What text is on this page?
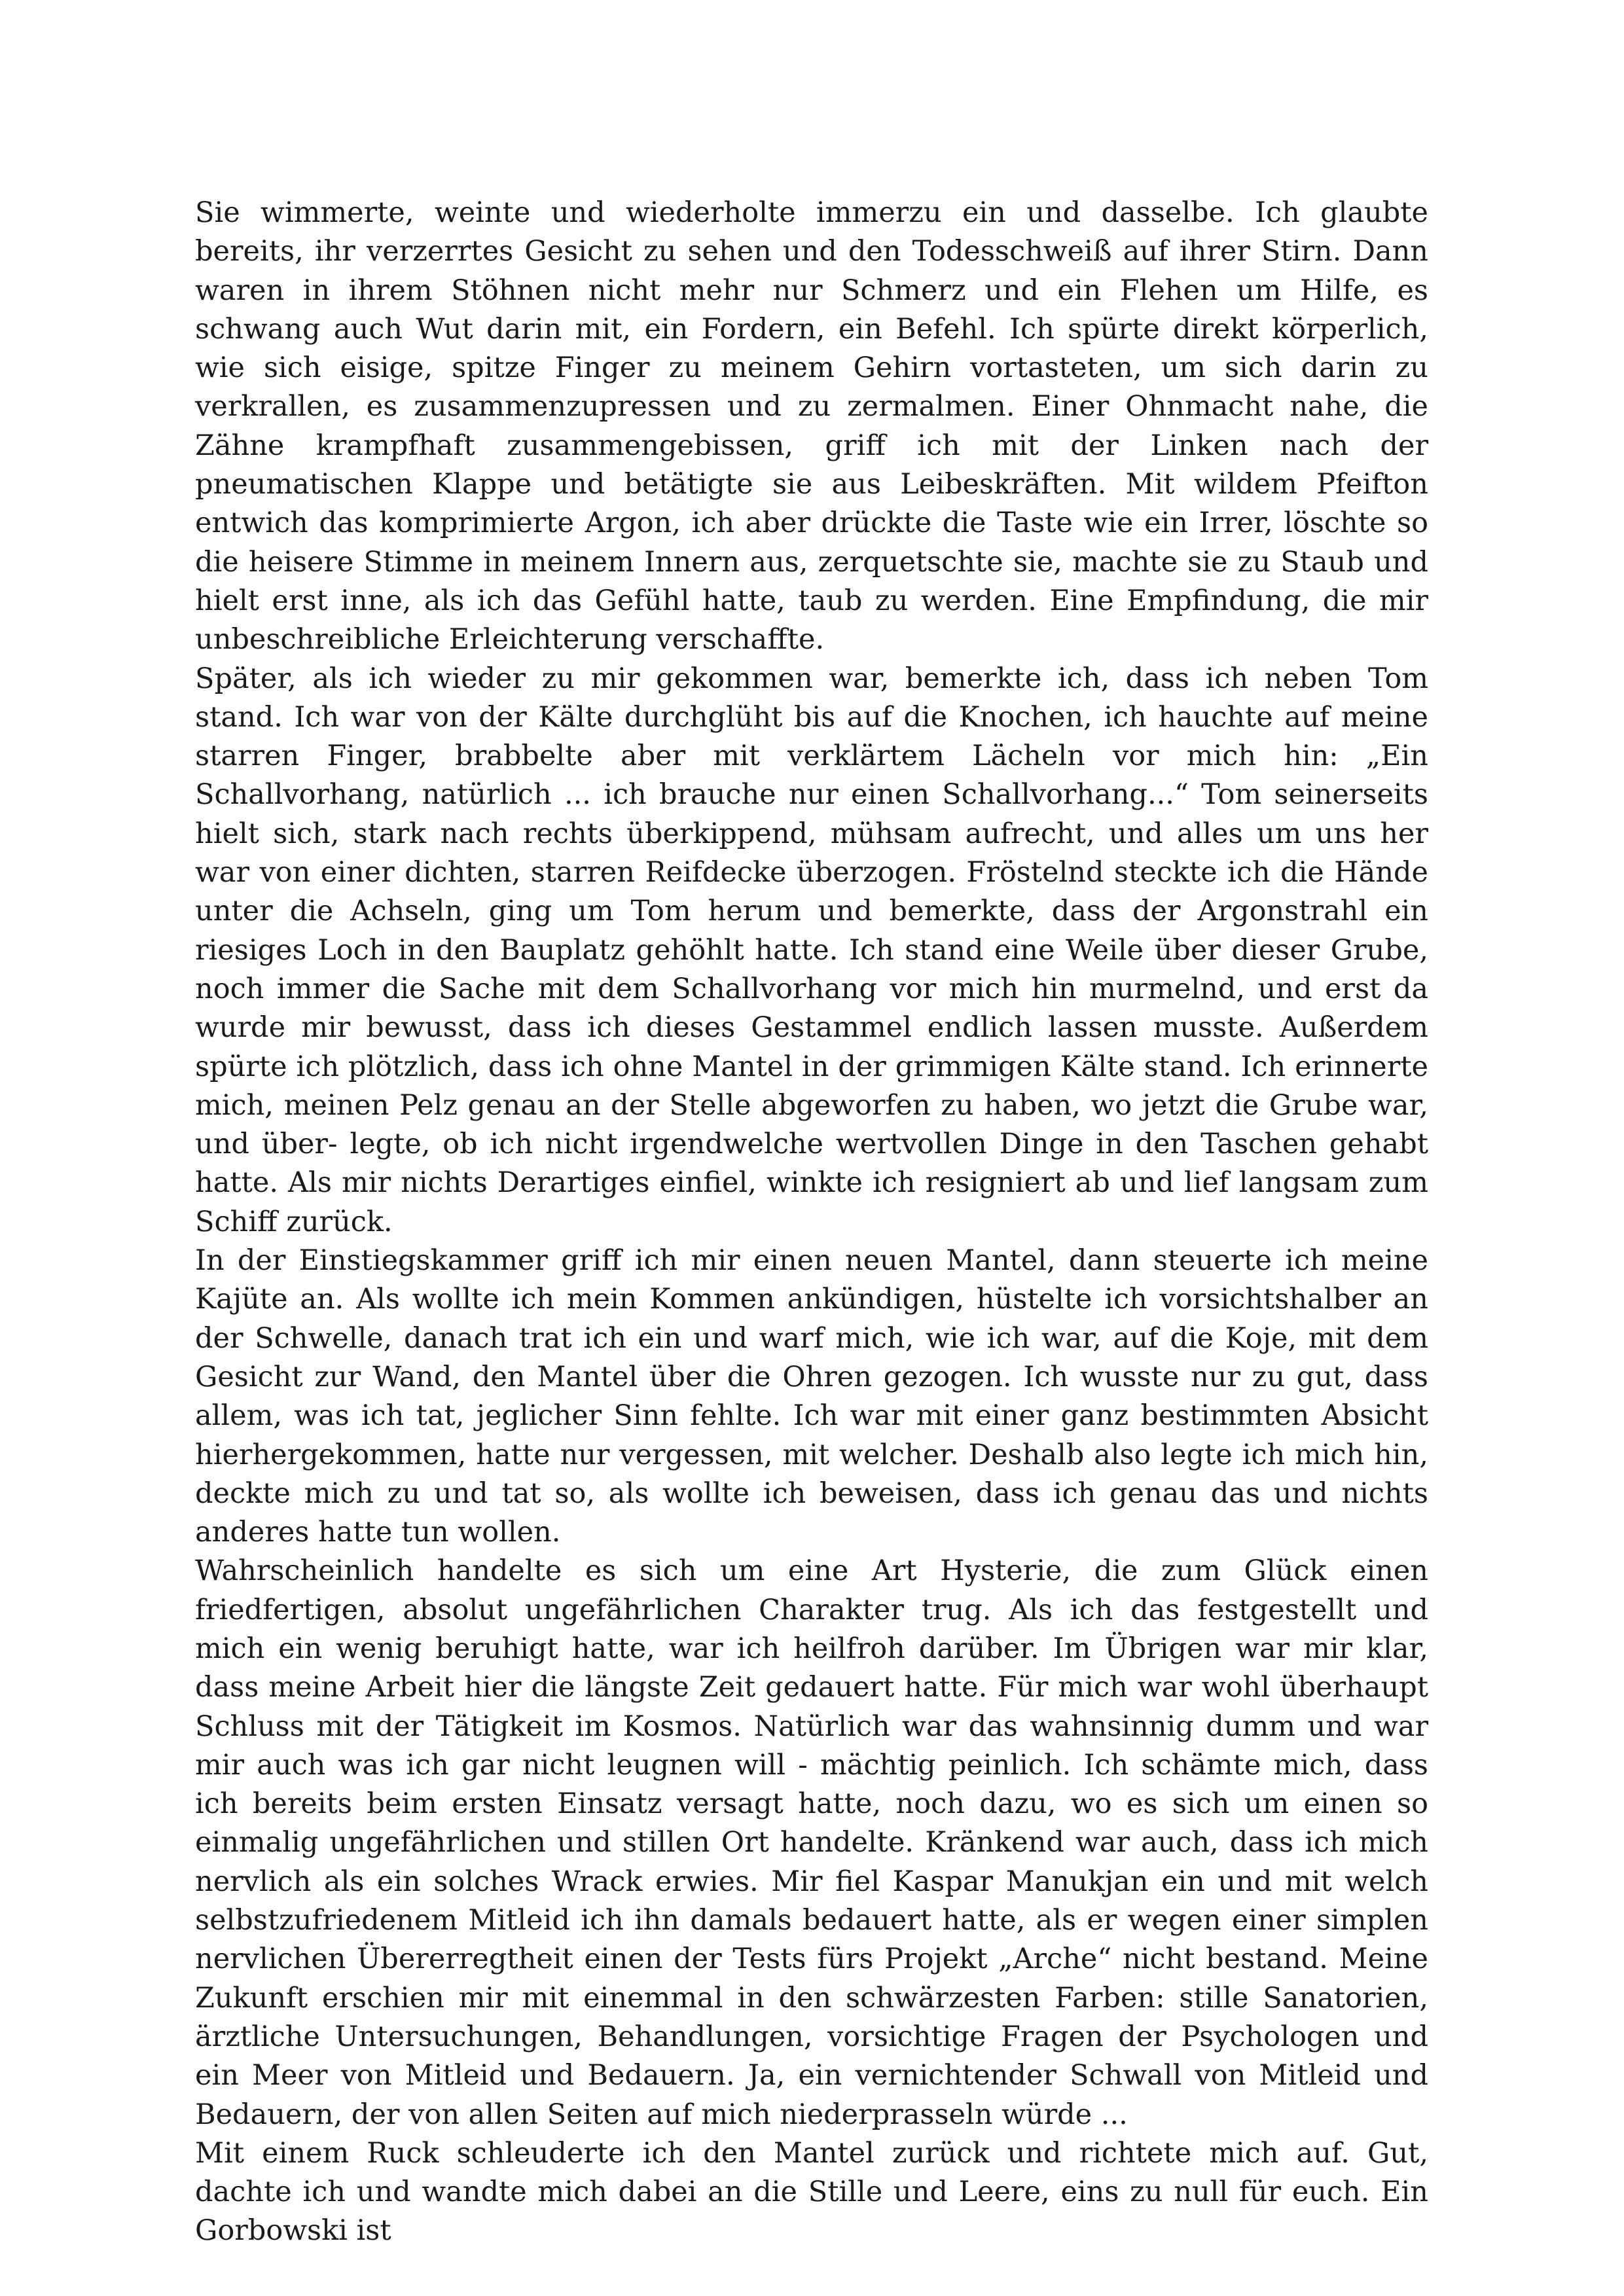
Sie wimmerte, weinte und wiederholte immerzu ein und dasselbe. Ich glaubte bereits, ihr verzerrtes Gesicht zu sehen und den Todesschweiß auf ihrer Stirn. Dann waren in ihrem Stöhnen nicht mehr nur Schmerz und ein Flehen um Hilfe, es schwang auch Wut darin mit, ein Fordern, ein Befehl. Ich spürte direkt körperlich, wie sich eisige, spitze Finger zu meinem Gehirn vortasteten, um sich darin zu verkrallen, es zusammenzupressen und zu zermalmen. Einer Ohnmacht nahe, die Zähne krampfhaft zusammengebissen, griff ich mit der Linken nach der pneumatischen Klappe und betätigte sie aus Leibeskräften. Mit wildem Pfeifton entwich das komprimierte Argon, ich aber drückte die Taste wie ein Irrer, löschte so die heisere Stimme in meinem Innern aus, zerquetschte sie, machte sie zu Staub und hielt erst inne, als ich das Gefühl hatte, taub zu werden. Eine Empfindung, die mir unbeschreibliche Erleichterung verschaffte.

Später, als ich wieder zu mir gekommen war, bemerkte ich, dass ich neben Tom stand. Ich war von der Kälte durchglüht bis auf die Knochen, ich hauchte auf meine starren Finger, brabbelte aber mit verklärtem Lächeln vor mich hin: „Ein Schallvorhang, natürlich ... ich brauche nur einen Schallvorhang...“ Tom seinerseits hielt sich, stark nach rechts überkippend, mühsam aufrecht, und alles um uns her war von einer dichten, starren Reifdecke überzogen. Fröstelnd steckte ich die Hände unter die Achseln, ging um Tom herum und bemerkte, dass der Argonstrahl ein riesiges Loch in den Bauplatz gehöhlt hatte. Ich stand eine Weile über dieser Grube, noch immer die Sache mit dem Schallvorhang vor mich hin murmelnd, und erst da wurde mir bewusst, dass ich dieses Gestammel endlich lassen musste. Außerdem spürte ich plötzlich, dass ich ohne Mantel in der grimmigen Kälte stand. Ich erinnerte mich, meinen Pelz genau an der Stelle abgeworfen zu haben, wo jetzt die Grube war, und über- legte, ob ich nicht irgendwelche wertvollen Dinge in den Taschen gehabt hatte. Als mir nichts Derartiges einfiel, winkte ich resigniert ab und lief langsam zum Schiff zurück.

In der Einstiegskammer griff ich mir einen neuen Mantel, dann steuerte ich meine Kajüte an. Als wollte ich mein Kommen ankündigen, hüstelte ich vorsichtshalber an der Schwelle, danach trat ich ein und warf mich, wie ich war, auf die Koje, mit dem Gesicht zur Wand, den Mantel über die Ohren gezogen. Ich wusste nur zu gut, dass allem, was ich tat, jeglicher Sinn fehlte. Ich war mit einer ganz bestimmten Absicht hierhergekommen, hatte nur vergessen, mit welcher. Deshalb also legte ich mich hin, deckte mich zu und tat so, als wollte ich beweisen, dass ich genau das und nichts anderes hatte tun wollen.

Wahrscheinlich handelte es sich um eine Art Hysterie, die zum Glück einen friedfertigen, absolut ungefährlichen Charakter trug. Als ich das festgestellt und mich ein wenig beruhigt hatte, war ich heilfroh darüber. Im Übrigen war mir klar, dass meine Arbeit hier die längste Zeit gedauert hatte. Für mich war wohl überhaupt Schluss mit der Tätigkeit im Kosmos. Natürlich war das wahnsinnig dumm und war mir auch was ich gar nicht leugnen will - mächtig peinlich. Ich schämte mich, dass ich bereits beim ersten Einsatz versagt hatte, noch dazu, wo es sich um einen so einmalig ungefährlichen und stillen Ort handelte. Kränkend war auch, dass ich mich nervlich als ein solches Wrack erwies. Mir fiel Kaspar Manukjan ein und mit welch selbstzufriedenem Mitleid ich ihn damals bedauert hatte, als er wegen einer simplen nervlichen Übererregtheit einen der Tests fürs Projekt „Arche“ nicht bestand. Meine Zukunft erschien mir mit einemmal in den schwärzesten Farben: stille Sanatorien, ärztliche Untersuchungen, Behandlungen, vorsichtige Fragen der Psychologen und ein Meer von Mitleid und Bedauern. Ja, ein vernichtender Schwall von Mitleid und Bedauern, der von allen Seiten auf mich niederprasseln würde ...

Mit einem Ruck schleuderte ich den Mantel zurück und richtete mich auf. Gut, dachte ich und wandte mich dabei an die Stille und Leere, eins zu null für euch. Ein Gorbowski ist
